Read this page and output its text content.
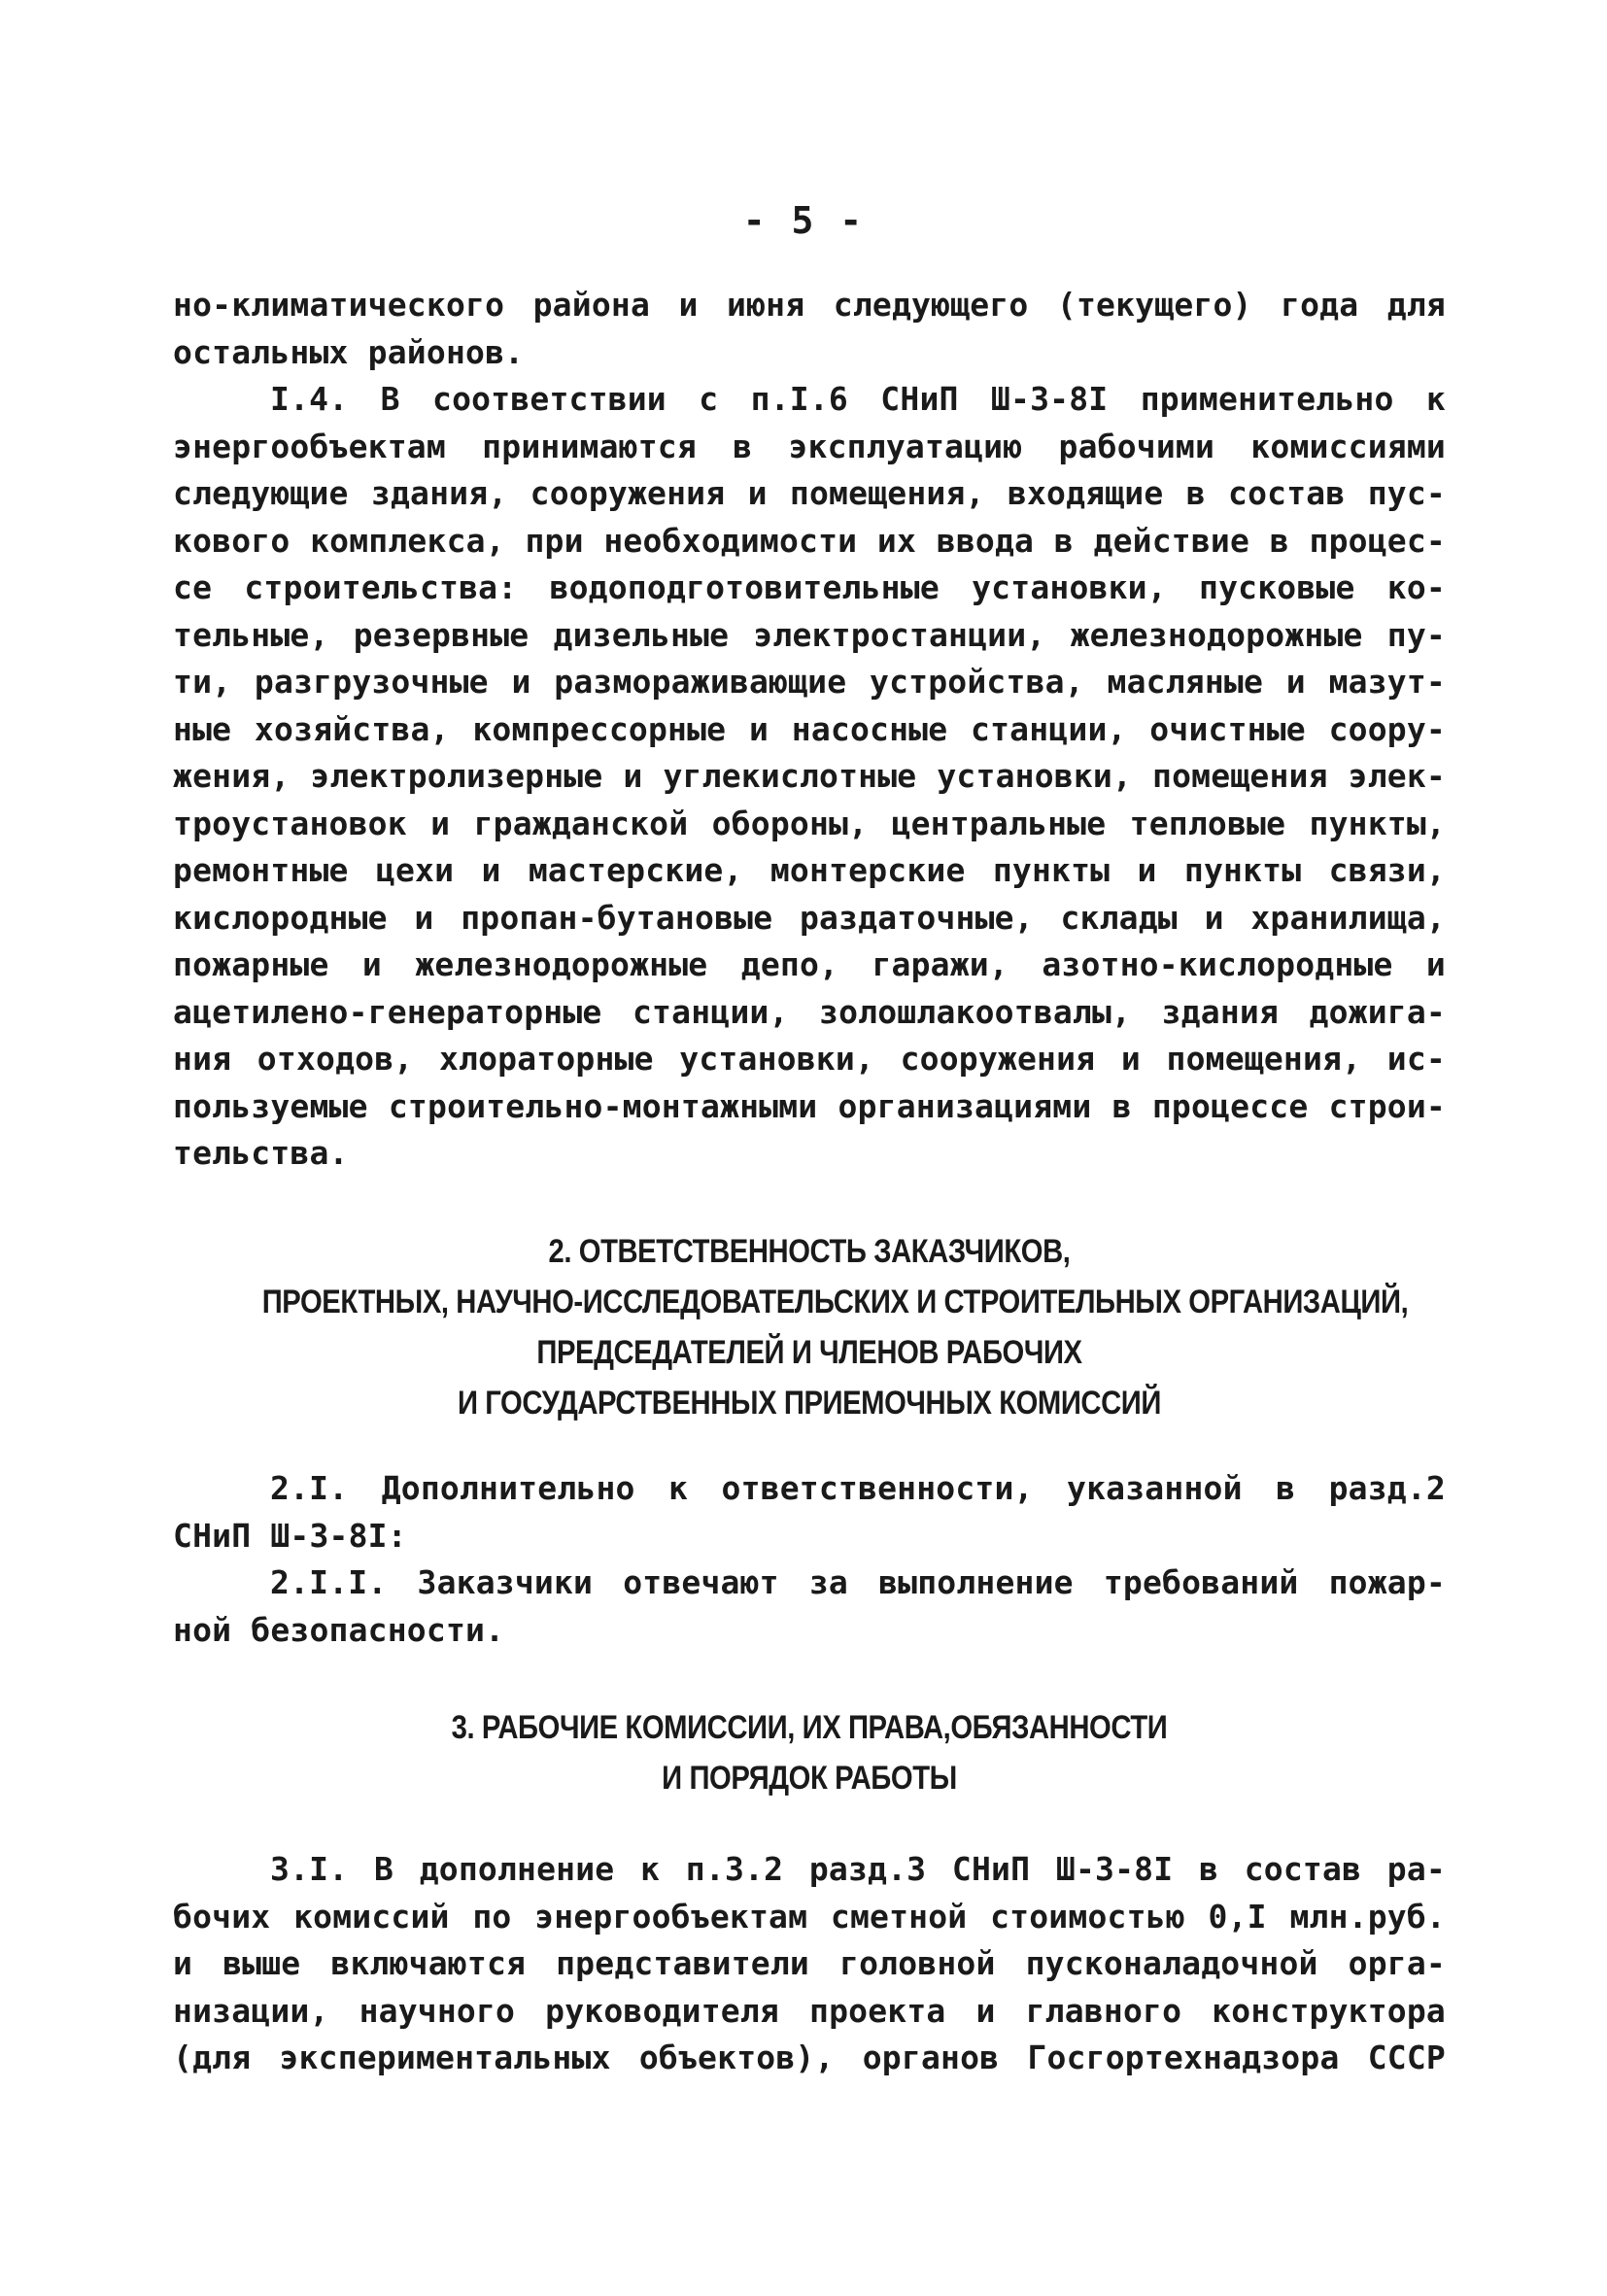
- 5 -
но-климатического района и июня следующего (текущего) года для
остальных районов.
I.4. В соответствии с п.I.6 СНиП Ш-3-8I применительно к
энергообъектам принимаются в эксплуатацию рабочими комиссиями
следующие здания, сооружения и помещения, входящие в состав пус-
кового комплекса, при необходимости их ввода в действие в процес-
се строительства: водоподготовительные установки, пусковые ко-
тельные, резервные дизельные электростанции, железнодорожные пу-
ти, разгрузочные и размораживающие устройства, масляные и мазут-
ные хозяйства, компрессорные и насосные станции, очистные соору-
жения, электролизерные и углекислотные установки, помещения элек-
троустановок и гражданской обороны, центральные тепловые пункты,
ремонтные цехи и мастерские, монтерские пункты и пункты связи,
кислородные и пропан-бутановые раздаточные, склады и хранилища,
пожарные и железнодорожные депо, гаражи, азотно-кислородные и
ацетилено-генераторные станции, золошлакоотвалы, здания дожига-
ния отходов, хлораторные установки, сооружения и помещения, ис-
пользуемые строительно-монтажными организациями в процессе строи-
тельства.
2. ОТВЕТСТВЕННОСТЬ ЗАКАЗЧИКОВ,
ПРОЕКТНЫХ, НАУЧНО-ИССЛЕДОВАТЕЛЬСКИХ И СТРОИТЕЛЬНЫХ ОРГАНИЗАЦИЙ,
ПРЕДСЕДАТЕЛЕЙ И ЧЛЕНОВ РАБОЧИХ
И ГОСУДАРСТВЕННЫХ ПРИЕМОЧНЫХ КОМИССИЙ
2.I. Дополнительно к ответственности, указанной в разд.2
СНиП Ш-3-8I:
2.I.I. Заказчики отвечают за выполнение требований пожар-
ной безопасности.
3. РАБОЧИЕ КОМИССИИ, ИХ ПРАВА,ОБЯЗАННОСТИ
И ПОРЯДОК РАБОТЫ
3.I. В дополнение к п.3.2 разд.3 СНиП Ш-3-8I в состав ра-
бочих комиссий по энергообъектам сметной стоимостью 0,I млн.руб.
и выше включаются представители головной пусконаладочной орга-
низации, научного руководителя проекта и главного конструктора
(для экспериментальных объектов), органов Госгортехнадзора СССР
